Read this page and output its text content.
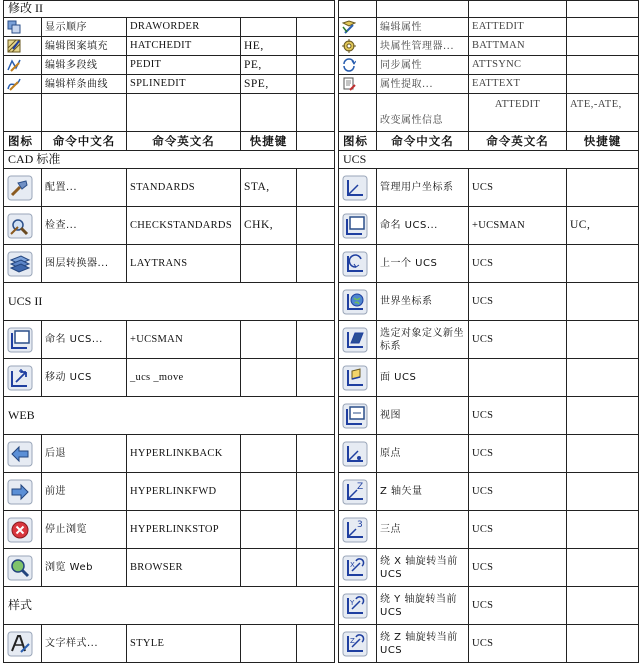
修改 II				

	显示顺序	DRAWORDER		

	编辑图案填充	HATCHEDIT	HE,	

	编辑多段线	PEDIT	PE,	

	编辑样条曲线	SPLINEDIT	SPE,	

图标	命令中文名	命令英文名	快捷键	
CAD 标准				

	配置...	STANDARDS	STA,	

	检查...	CHECKSTANDARDS	CHK,	

	图层转换器...	LAYTRANS		
UCS II				

	命名 UCS...	+UCSMAN		

	移动 UCS	_ucs _move		
WEB				

	后退	HYPERLINKBACK		

	前进	HYPERLINKFWD		

	停止浏览	HYPERLINKSTOP		

	浏览 Web	BROWSER		
样式				

	文字样式...	STYLE		

	编辑属性	EATTEDIT	

	块属性管理器...	BATTMAN	

	同步属性	ATTSYNC	

	属性提取...	EATTEXT	
	改变属性信息	ATTEDIT	ATE,-ATE,
图标	命令中文名	命令英文名	快捷键
UCS			

	管理用户坐标系	UCS	

	命名 UCS...	+UCSMAN	UC,

	上一个 UCS	UCS	

	世界坐标系	UCS	

	选定对象定义新坐标系	UCS	

	面 UCS		

	视图	UCS	

	原点	UCS	

Z	Z 轴矢量	UCS	

3	三点	UCS	

X	绕 X 轴旋转当前 UCS	UCS	

Y	绕 Y 轴旋转当前 UCS	UCS	

Z	绕 Z 轴旋转当前 UCS	UCS	
